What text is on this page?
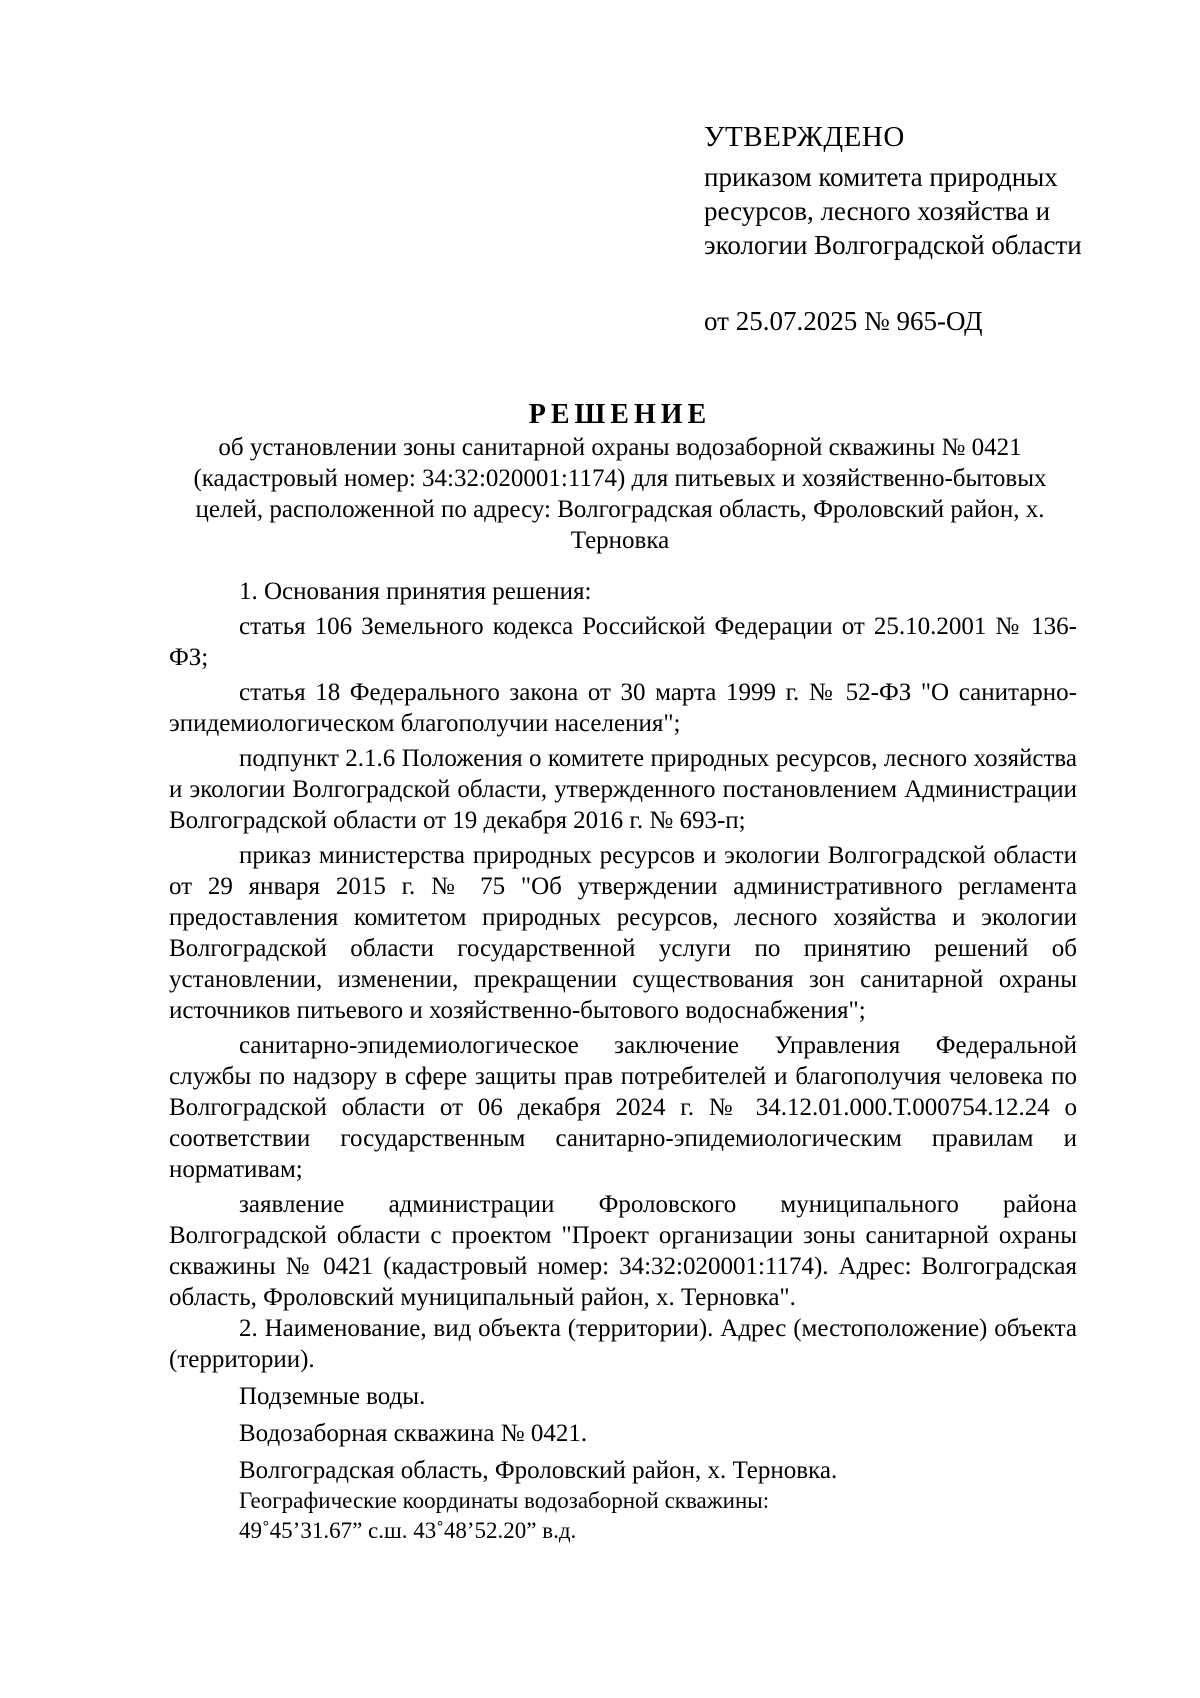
УТВЕРЖДЕНО
приказом комитета природных ресурсов, лесного хозяйства и экологии Волгоградской области
от 25.07.2025 № 965-ОД
РЕШЕНИЕ
об установлении зоны санитарной охраны водозаборной скважины № 0421 (кадастровый номер: 34:32:020001:1174) для питьевых и хозяйственно-бытовых целей, расположенной по адресу: Волгоградская область, Фроловский район, х. Терновка

1. Основания принятия решения:

статья 106 Земельного кодекса Российской Федерации от 25.10.2001 № 136-ФЗ;

статья 18 Федерального закона от 30 марта 1999 г. № 52-ФЗ "О санитарно-эпидемиологическом благополучии населения";

подпункт 2.1.6 Положения о комитете природных ресурсов, лесного хозяйства и экологии Волгоградской области, утвержденного постановлением Администрации Волгоградской области от 19 декабря 2016 г. № 693-п;

приказ министерства природных ресурсов и экологии Волгоградской области от 29 января 2015 г. № 75 "Об утверждении административного регламента предоставления комитетом природных ресурсов, лесного хозяйства и экологии Волгоградской области государственной услуги по принятию решений об установлении, изменении, прекращении существования зон санитарной охраны источников питьевого и хозяйственно-бытового водоснабжения";

санитарно-эпидемиологическое заключение Управления Федеральной службы по надзору в сфере защиты прав потребителей и благополучия человека по Волгоградской области от 06 декабря 2024 г. № 34.12.01.000.Т.000754.12.24 о соответствии государственным санитарно-эпидемиологическим правилам и нормативам;

заявление администрации Фроловского муниципального района Волгоградской области с проектом "Проект организации зоны санитарной охраны скважины № 0421 (кадастровый номер: 34:32:020001:1174). Адрес: Волгоградская область, Фроловский муниципальный район, х. Терновка".

2. Наименование, вид объекта (территории). Адрес (местоположение) объекта (территории).

Подземные воды.

Водозаборная скважина № 0421.

Волгоградская область, Фроловский район, х. Терновка.

Географические координаты водозаборной скважины:

49˚45’31.67” с.ш. 43˚48’52.20” в.д.
